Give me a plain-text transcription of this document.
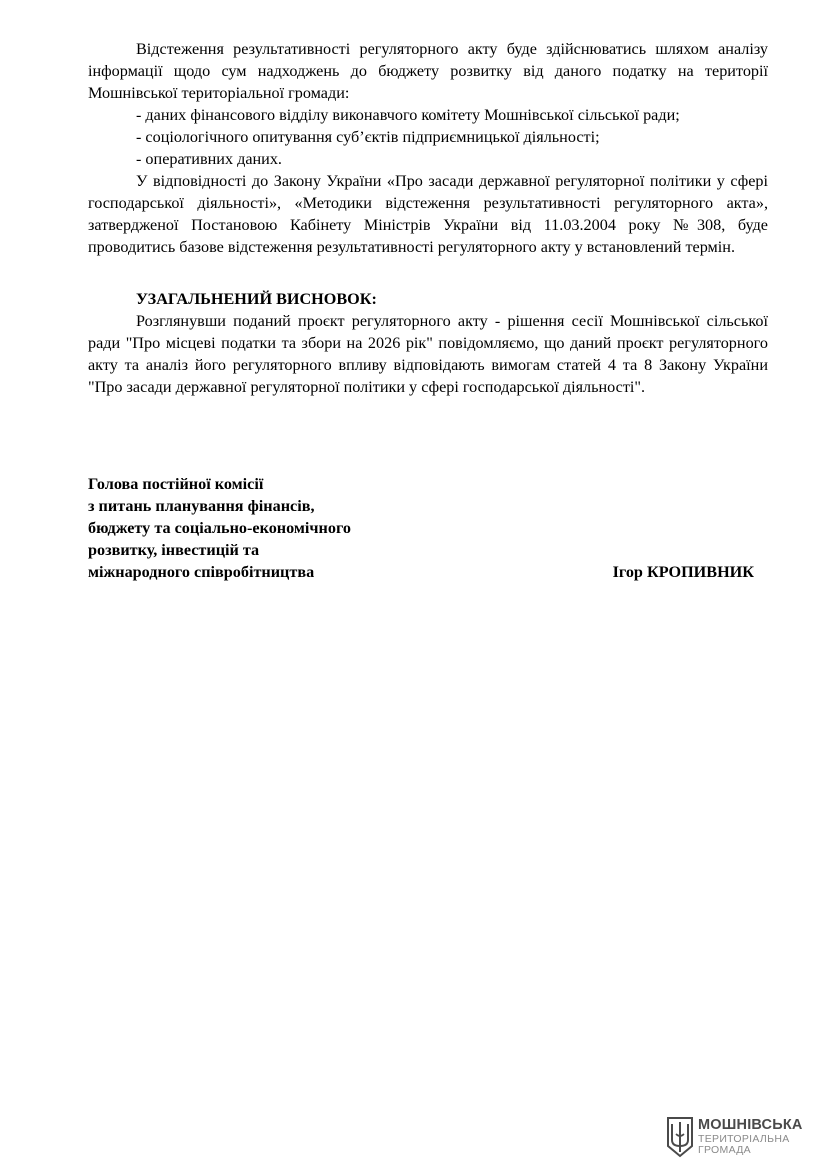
Відстеження результативності регуляторного акту буде здійснюватись шляхом аналізу інформації щодо сум надходжень до бюджету розвитку від даного податку на території Мошнівської територіальної громади:

- даних фінансового відділу виконавчого комітету Мошнівської сільської ради;

- соціологічного опитування суб’єктів підприємницької діяльності;

- оперативних даних.

У відповідності до Закону України «Про засади державної регуляторної політики у сфері господарської діяльності», «Методики відстеження результативності регуляторного акта», затвердженої Постановою Кабінету Міністрів України від 11.03.2004 року №308, буде проводитись базове відстеження результативності регуляторного акту у встановлений термін.

УЗАГАЛЬНЕНИЙ ВИСНОВОК:

Розглянувши поданий проєкт регуляторного акту - рішення сесії Мошнівської сільської ради "Про місцеві податки та збори на 2026 рік" повідомляємо, що даний проєкт регуляторного акту та аналіз його регуляторного впливу відповідають вимогам статей 4 та 8 Закону України "Про засади державної регуляторної політики у сфері господарської діяльності".

Голова постійної комісії

з питань планування фінансів,

бюджету та соціально-економічного

розвитку, інвестицій та

міжнародного співробітництва	Ігор КРОПИВНИК
МОШНІВСЬКА
ТЕРИТОРІАЛЬНА
ГРОМАДА
